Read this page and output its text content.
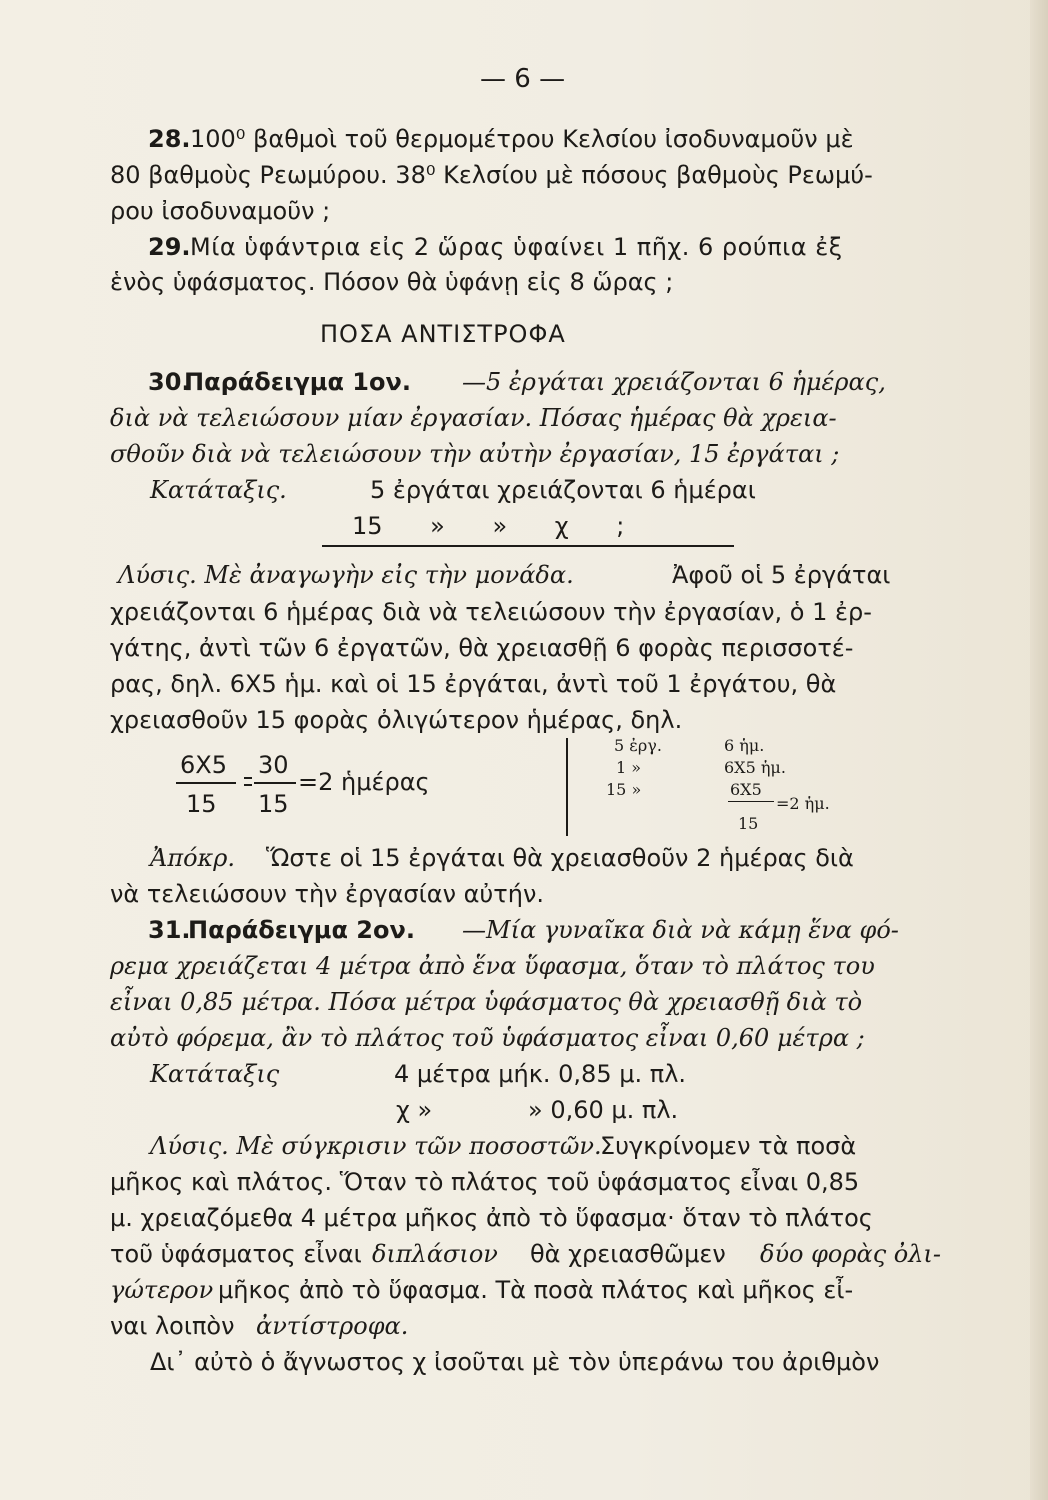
— 6 —
28. 100⁰ βαθμοὶ τοῦ θερμομέτρου Κελσίου ἰσοδυναμοῦν μὲ
80 βαθμοὺς Ρεωμύρου. 38⁰ Κελσίου μὲ πόσους βαθμοὺς Ρεωμύ-
ρου ἰσοδυναμοῦν ;
29. Μία ὑφάντρια εἰς 2 ὥρας ὑφαίνει 1 πῆχ. 6 ρούπια ἐξ
ἑνὸς ὑφάσματος. Πόσον θὰ ὑφάνῃ εἰς 8 ὥρας ;
ΠΟΣΑ ΑΝΤΙΣΤΡΟΦΑ
30.
Παράδειγμα 1ον. —5 ἐργάται χρειάζονται 6 ἡμέρας,
διὰ νὰ τελειώσουν μίαν ἐργασίαν. Πόσας ἡμέρας θὰ χρεια-
σθοῦν διὰ νὰ τελειώσουν τὴν αὐτὴν ἐργασίαν, 15 ἐργάται ;
Κατάταξις.	5 ἐργάται χρειάζονται 6 ἡμέραι
15 » » χ ;
Λύσις. Μὲ ἀναγωγὴν εἰς τὴν μονάδα.	Ἀφοῦ οἱ 5 ἐργάται
χρειάζονται 6 ἡμέρας διὰ νὰ τελειώσουν τὴν ἐργασίαν, ὁ 1 ἐρ-
γάτης, ἀντὶ τῶν 6 ἐργατῶν, θὰ χρειασθῇ 6 φορὰς περισσοτέ-
ρας, δηλ. 6Χ5 ἡμ. καὶ οἱ 15 ἐργάται, ἀντὶ τοῦ 1 ἐργάτου, θὰ
χρειασθοῦν 15 φορὰς ὀλιγώτερον ἡμέρας, δηλ.
6Χ5 30
=2 ἡμέρας
15 15
5 ἐργ.	6 ἡμ.
1 »	6Χ5 ἡμ.
15 »	6Χ5
=2 ἡμ.
15
Ἀπόκρ. Ὥστε οἱ 15 ἐργάται θὰ χρειασθοῦν 2 ἡμέρας διὰ
νὰ τελειώσουν τὴν ἐργασίαν αὐτήν.
31.
Παράδειγμα 2ον. —Μία γυναῖκα διὰ νὰ κάμῃ ἕνα φό-
ρεμα χρειάζεται 4 μέτρα ἀπὸ ἕνα ὕφασμα, ὅταν τὸ πλάτος του
εἶναι 0,85 μέτρα. Πόσα μέτρα ὑφάσματος θὰ χρειασθῇ διὰ τὸ
αὐτὸ φόρεμα, ἂν τὸ πλάτος τοῦ ὑφάσματος εἶναι 0,60 μέτρα ;
Κατάταξις	4 μέτρα μήκ. 0,85 μ. πλ.
χ »	» 0,60 μ. πλ.
Λύσις. Μὲ σύγκρισιν τῶν ποσοστῶν.
Συγκρίνομεν τὰ ποσὰ
μῆκος καὶ πλάτος. Ὅταν τὸ πλάτος τοῦ ὑφάσματος εἶναι 0,85
μ. χρειαζόμεθα 4 μέτρα μῆκος ἀπὸ τὸ ὕφασμα· ὅταν τὸ πλάτος
τοῦ ὑφάσματος εἶναι διπλάσιον θὰ χρειασθῶμεν δύο φορὰς ὀλι-
γώτερον μῆκος ἀπὸ τὸ ὕφασμα. Τὰ ποσὰ πλάτος καὶ μῆκος εἶ-
ναι λοιπὸν ἀντίστροφα.
Δι᾽ αὐτὸ ὁ ἄγνωστος χ ἰσοῦται μὲ τὸν ὑπεράνω του ἀριθμὸν
